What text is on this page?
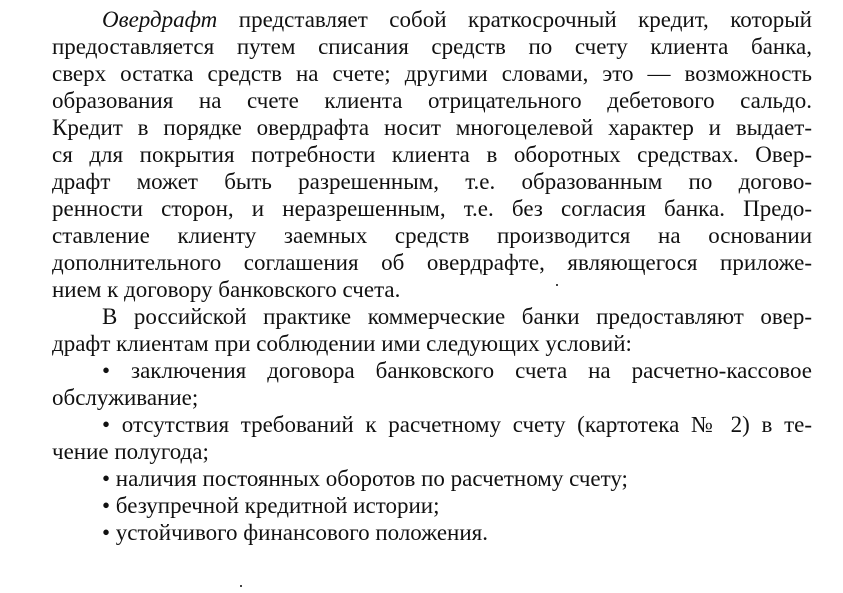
Овердрафт представляет собой краткосрочный кредит, который
предоставляется путем списания средств по счету клиента банка,
сверх остатка средств на счете; другими словами, это — возможность
образования на счете клиента отрицательного дебетового сальдо.
Кредит в порядке овердрафта носит многоцелевой характер и выдает-
ся для покрытия потребности клиента в оборотных средствах. Овер-
драфт может быть разрешенным, т.е. образованным по догово-
ренности сторон, и неразрешенным, т.е. без согласия банка. Предо-
ставление клиенту заемных средств производится на основании
дополнительного соглашения об овердрафте, являющегося приложе-
нием к договору банковского счета.
В российской практике коммерческие банки предоставляют овер-
драфт клиентам при соблюдении ими следующих условий:
• заключения договора банковского счета на расчетно-кассовое
обслуживание;
• отсутствия требований к расчетному счету (картотека № 2) в те-
чение полугода;
• наличия постоянных оборотов по расчетному счету;
• безупречной кредитной истории;
• устойчивого финансового положения.
